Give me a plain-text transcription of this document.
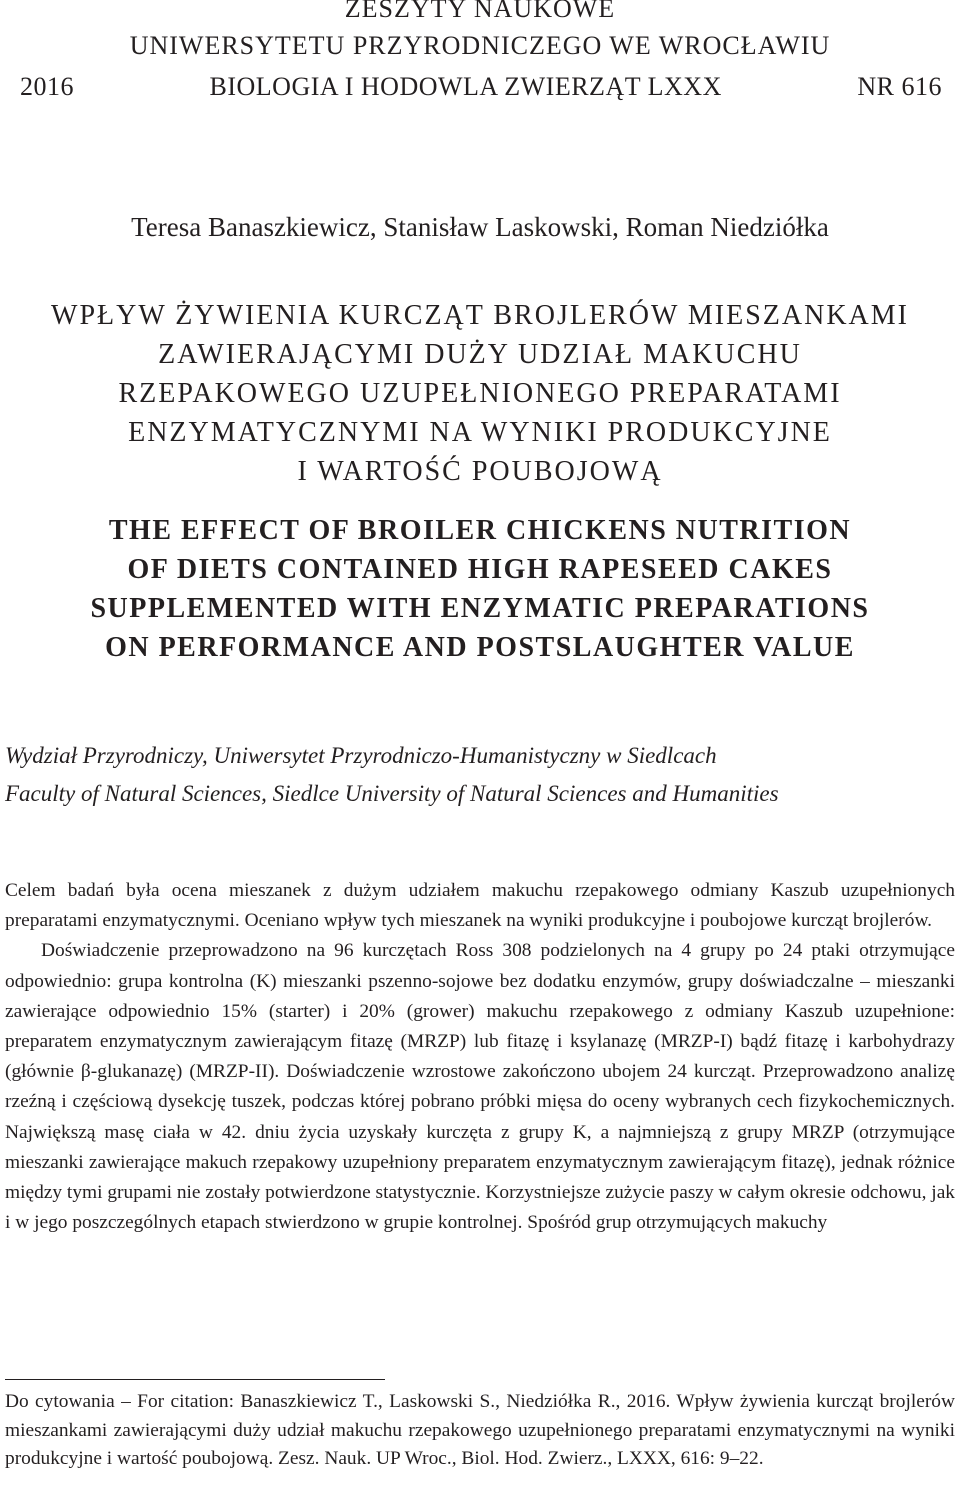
ZESZYTY NAUKOWE
UNIWERSYTETU PRZYRODNICZEGO WE WROCŁAWIU
2016	BIOLOGIA I HODOWLA ZWIERZĄT LXXX	NR 616
Teresa Banaszkiewicz, Stanisław Laskowski, Roman Niedziółka
WPŁYW ŻYWIENIA KURCZĄT BROJLERÓW MIESZANKAMI
ZAWIERAJĄCYMI DUŻY UDZIAŁ MAKUCHU
RZEPAKOWEGO UZUPEŁNIONEGO PREPARATAMI
ENZYMATYCZNYMI NA WYNIKI PRODUKCYJNE
I WARTOŚĆ POUBOJOWĄ
THE EFFECT OF BROILER CHICKENS NUTRITION
OF DIETS CONTAINED HIGH RAPESEED CAKES
SUPPLEMENTED WITH ENZYMATIC PREPARATIONS
ON PERFORMANCE AND POSTSLAUGHTER VALUE
Wydział Przyrodniczy, Uniwersytet Przyrodniczo-Humanistyczny w Siedlcach
Faculty of Natural Sciences, Siedlce University of Natural Sciences and Humanities

Celem badań była ocena mieszanek z dużym udziałem makuchu rzepakowego odmiany Kaszub uzupełnionych preparatami enzymatycznymi. Oceniano wpływ tych mieszanek na wyniki produkcyjne i poubojowe kurcząt brojlerów.

Doświadczenie przeprowadzono na 96 kurczętach Ross 308 podzielonych na 4 grupy po 24 ptaki otrzymujące odpowiednio: grupa kontrolna (K) mieszanki pszenno-sojowe bez dodatku enzymów, grupy doświadczalne – mieszanki zawierające odpowiednio 15% (starter) i 20% (grower) makuchu rzepakowego z odmiany Kaszub uzupełnione: preparatem enzymatycznym zawierającym fitazę (MRZP) lub fitazę i ksylanazę (MRZP-I) bądź fitazę i karbohydrazy (głównie β-glukanazę) (MRZP-II). Doświadczenie wzrostowe zakończono ubojem 24 kurcząt. Przeprowadzono analizę rzeźną i częściową dysekcję tuszek, podczas której pobrano próbki mięsa do oceny wybranych cech fizykochemicznych. Największą masę ciała w 42. dniu życia uzyskały kurczęta z grupy K, a najmniejszą z grupy MRZP (otrzymujące mieszanki zawierające makuch rzepakowy uzupełniony preparatem enzymatycznym zawierającym fitazę), jednak różnice między tymi grupami nie zostały potwierdzone statystycznie. Korzystniejsze zużycie paszy w całym okresie odchowu, jak i w jego poszczególnych etapach stwierdzono w grupie kontrolnej. Spośród grup otrzymujących makuchy

Do cytowania – For citation: Banaszkiewicz T., Laskowski S., Niedziółka R., 2016. Wpływ żywienia kurcząt brojlerów mieszankami zawierającymi duży udział makuchu rzepakowego uzupełnionego preparatami enzymatycznymi na wyniki produkcyjne i wartość poubojową. Zesz. Nauk. UP Wroc., Biol. Hod. Zwierz., LXXX, 616: 9–22.
